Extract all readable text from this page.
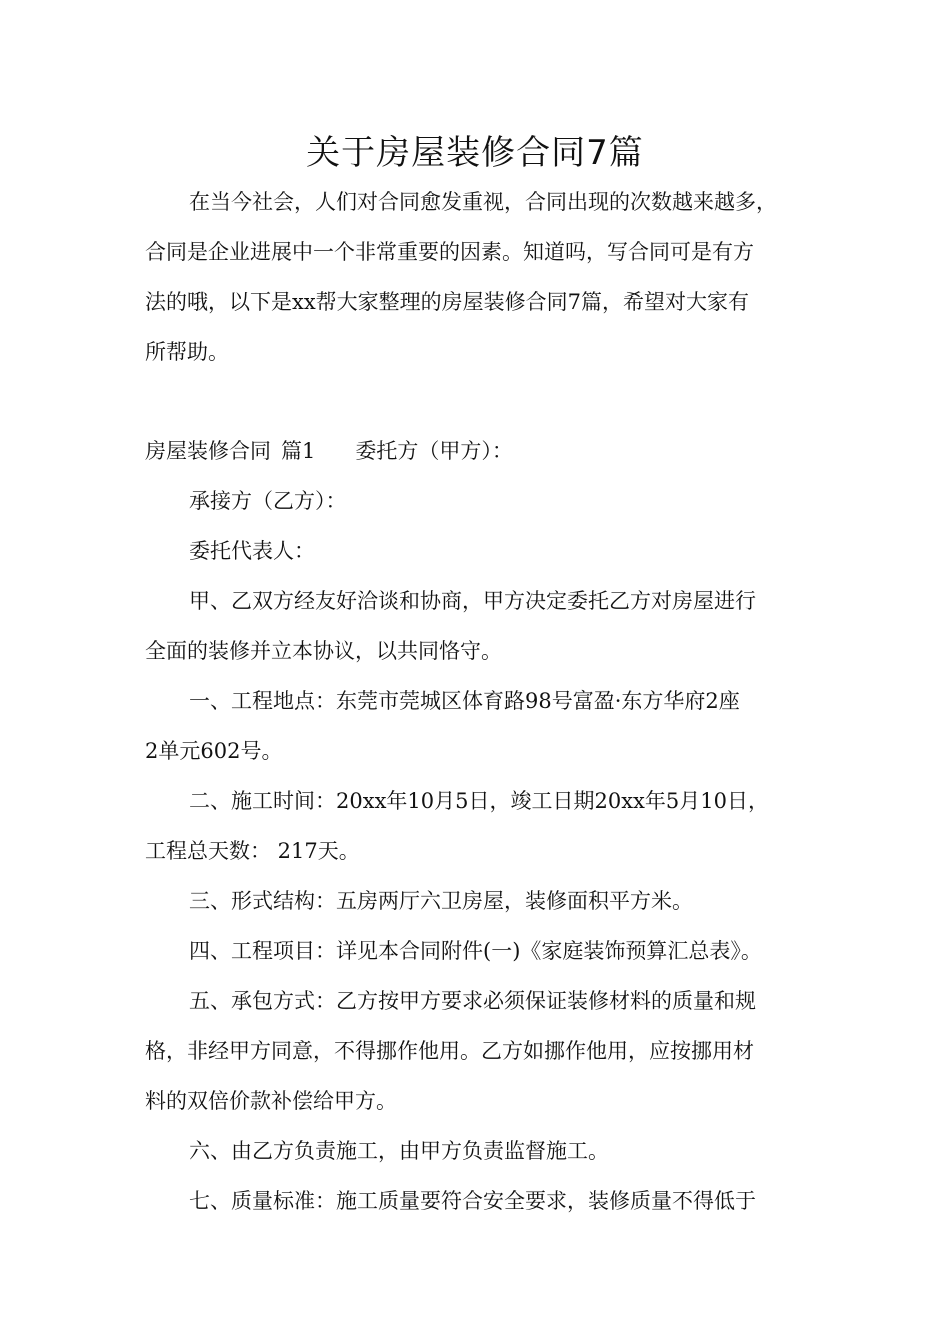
关于房屋装修合同7篇
在当今社会，人们对合同愈发重视，合同出现的次数越来越多，
合同是企业进展中一个非常重要的因素。知道吗，写合同可是有方
法的哦，以下是xx帮大家整理的房屋装修合同7篇，希望对大家有
所帮助。
房屋装修合同 篇1 委托方（甲方）：
承接方（乙方）：
委托代表人：
甲、乙双方经友好洽谈和协商，甲方决定委托乙方对房屋进行
全面的装修并立本协议，以共同恪守。
一、工程地点：东莞市莞城区体育路98号富盈·东方华府2座
2单元602号。
二、施工时间：20xx年10月5日，竣工日期20xx年5月10日，
工程总天数： 217天。
三、形式结构：五房两厅六卫房屋，装修面积平方米。
四、工程项目：详见本合同附件(一)《家庭装饰预算汇总表》。
五、承包方式：乙方按甲方要求必须保证装修材料的质量和规
格，非经甲方同意，不得挪作他用。乙方如挪作他用，应按挪用材
料的双倍价款补偿给甲方。
六、由乙方负责施工，由甲方负责监督施工。
七、质量标准：施工质量要符合安全要求，装修质量不得低于
